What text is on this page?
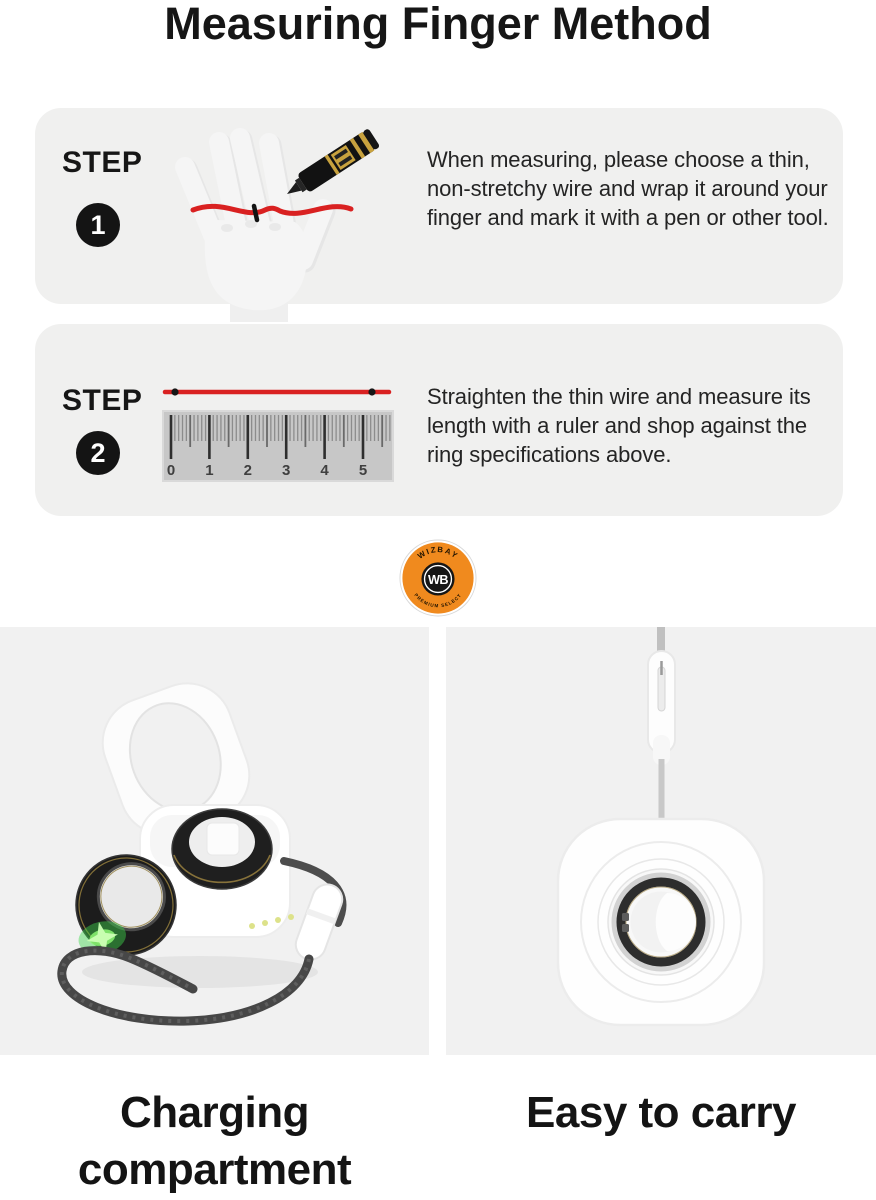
Measuring Finger Method
STEP
1

When measuring, please choose a thin, non-stretchy wire and wrap it around your finger and mark it with a pen or other tool.

STEP
2
0 1 2 3 4 5

Straighten the thin wire and measure its length with a ruler and shop against the ring specifications above.

WIZBAY
PREMIUM SELECT
WB
Charging compartment
Easy to carry
